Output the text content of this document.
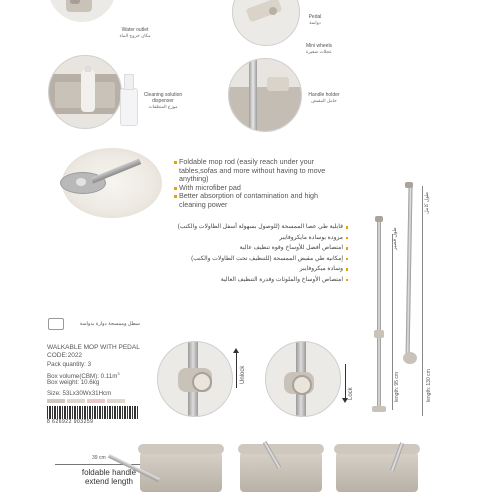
Water outlet
مكان خروج الماء
Pedal
دواسة
Mini wheels
عجلات صغيرة
Cleaning solution dispenser
موزع المنظفات
Handle holder
حامل المقبض
Foldable mop rod (easily reach under your tables,sofas and more without having to move anything)
With microfiber pad
Better absorption of contamination and high cleaning power
قابلية طي عصا الممسحة (للوصول بسهولة أسفل الطاولات والكنب)
مزودة بوسادة مايكروفايبر
امتصاص أفضل للأوساخ وقوة تنظيف عالية
إمكانية طي مقبض الممسحة (للتنظيف تحت الطاولات والكنب)
وسادة ميكروفايبر
امتصاص الأوساخ والملوثات وقدرة التنظيف العالية
طول قصير
length: 95 cm
طول كامل
length: 130 cm
سطل وممسحة دوارة بدواسة
WALKABLE MOP WITH PEDAL
CODE:2022
Pack quantity: 3
Box volume(CBM): $0.11m^3$
Box weight: 10.6kg
Size: 53Lx30Wx31Hcm
8 626922 903259
Unlock
Lock
39 cm
foldable handle
extend length
